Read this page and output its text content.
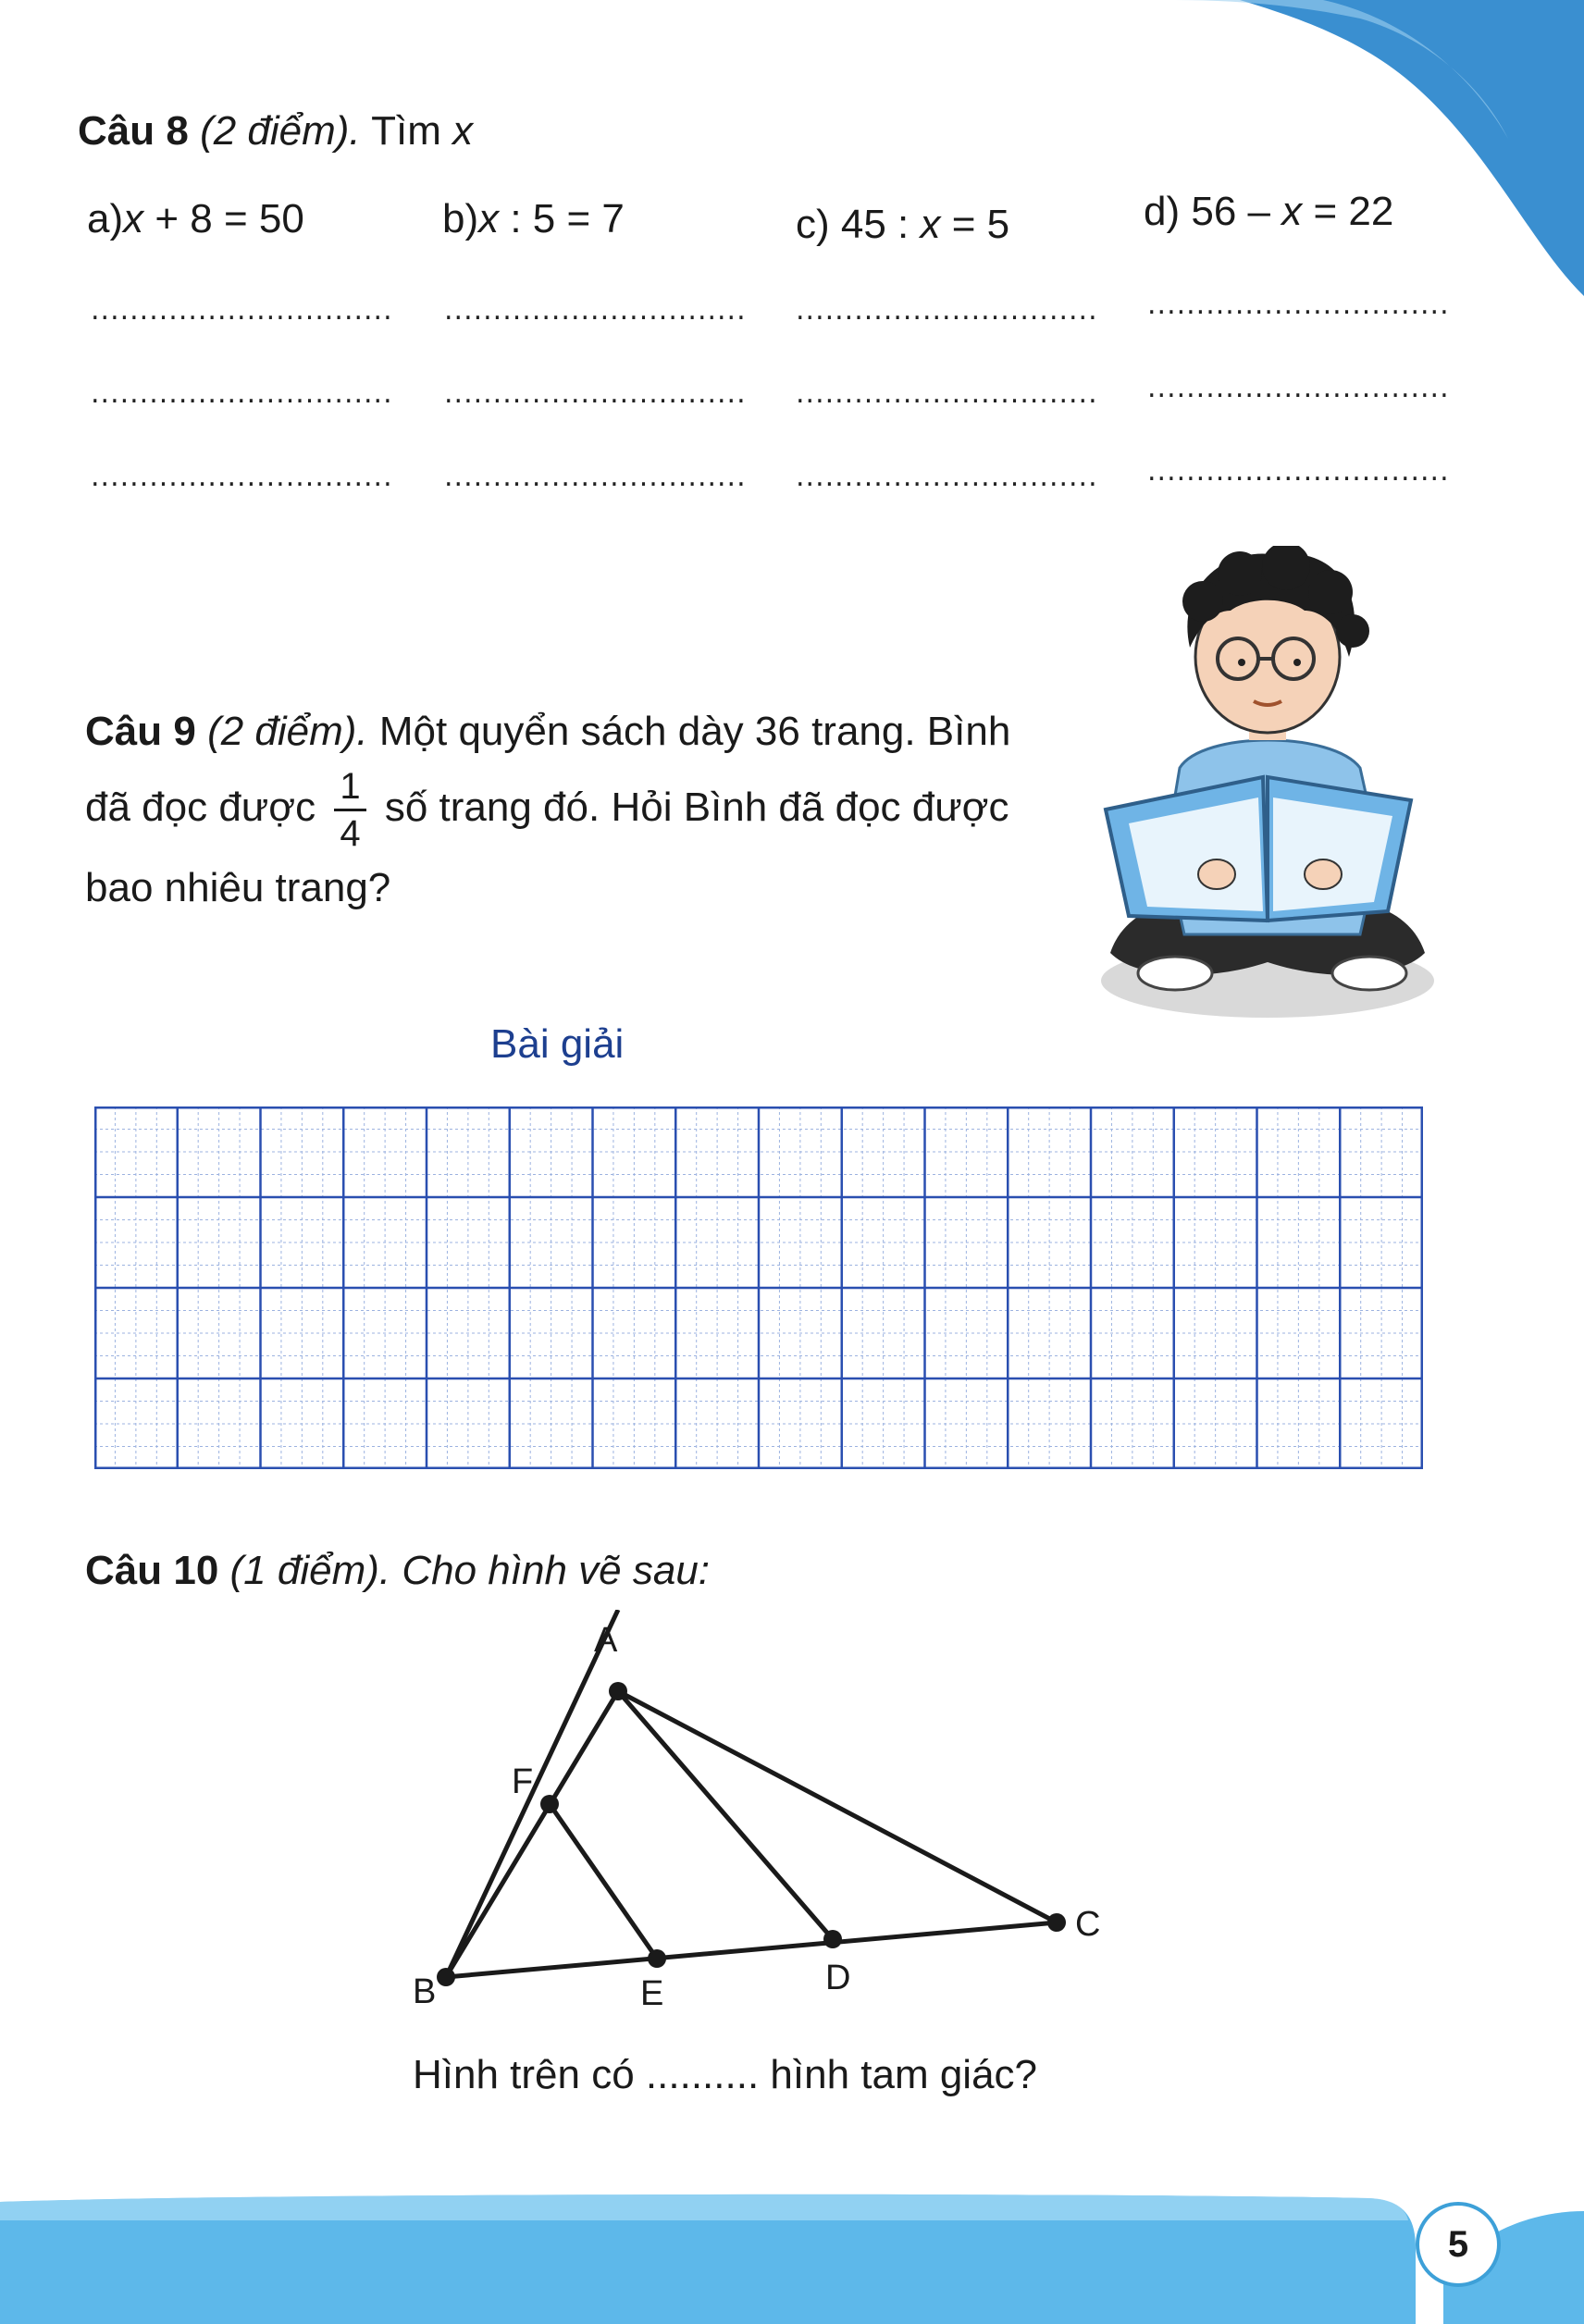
Câu 8 (2 điểm). Tìm x
a)x + 8 = 50	b)x : 5 = 7	c) 45 : x = 5	d) 56 – x = 22
............................... ............................... ............................... ...............................
............................... ............................... ............................... ...............................
............................... ............................... ............................... ...............................
Câu 9 (2 điểm). Một quyển sách dày 36 trang. Bình
đã đọc được $\frac{1}{4}$ số trang đó. Hỏi Bình đã đọc được
bao nhiêu trang?
Bài giải
Câu 10 (1 điểm). Cho hình vẽ sau:
A
F
B	E	D
C
Hình trên có .......... hình tam giác?
5
